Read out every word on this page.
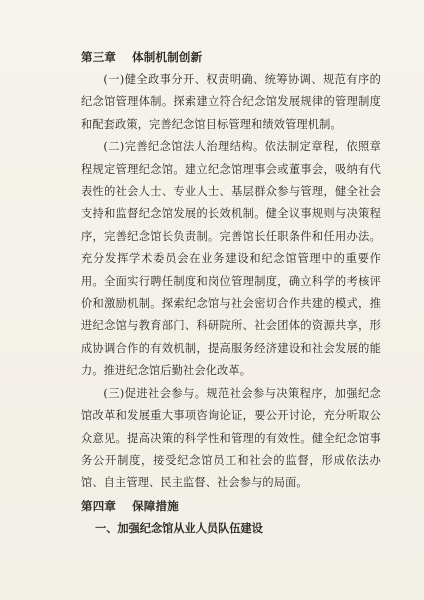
第三章 体制机制创新

(一)健全政事分开、权责明确、统筹协调、规范有序的纪念馆管理体制。探索建立符合纪念馆发展规律的管理制度和配套政策，完善纪念馆目标管理和绩效管理机制。

(二)完善纪念馆法人治理结构。依法制定章程，依照章程规定管理纪念馆。建立纪念馆理事会或董事会，吸纳有代表性的社会人士、专业人士、基层群众参与管理，健全社会支持和监督纪念馆发展的长效机制。健全议事规则与决策程序，完善纪念馆长负责制。完善馆长任职条件和任用办法。充分发挥学术委员会在业务建设和纪念馆管理中的重要作用。全面实行聘任制度和岗位管理制度，确立科学的考核评价和激励机制。探索纪念馆与社会密切合作共建的模式，推进纪念馆与教育部门、科研院所、社会团体的资源共享，形成协调合作的有效机制，提高服务经济建设和社会发展的能力。推进纪念馆后勤社会化改革。

(三)促进社会参与。规范社会参与决策程序，加强纪念馆改革和发展重大事项咨询论证，要公开讨论，充分听取公众意见。提高决策的科学性和管理的有效性。健全纪念馆事务公开制度，接受纪念馆员工和社会的监督，形成依法办馆、自主管理、民主监督、社会参与的局面。

第四章 保障措施
一、加强纪念馆从业人员队伍建设
